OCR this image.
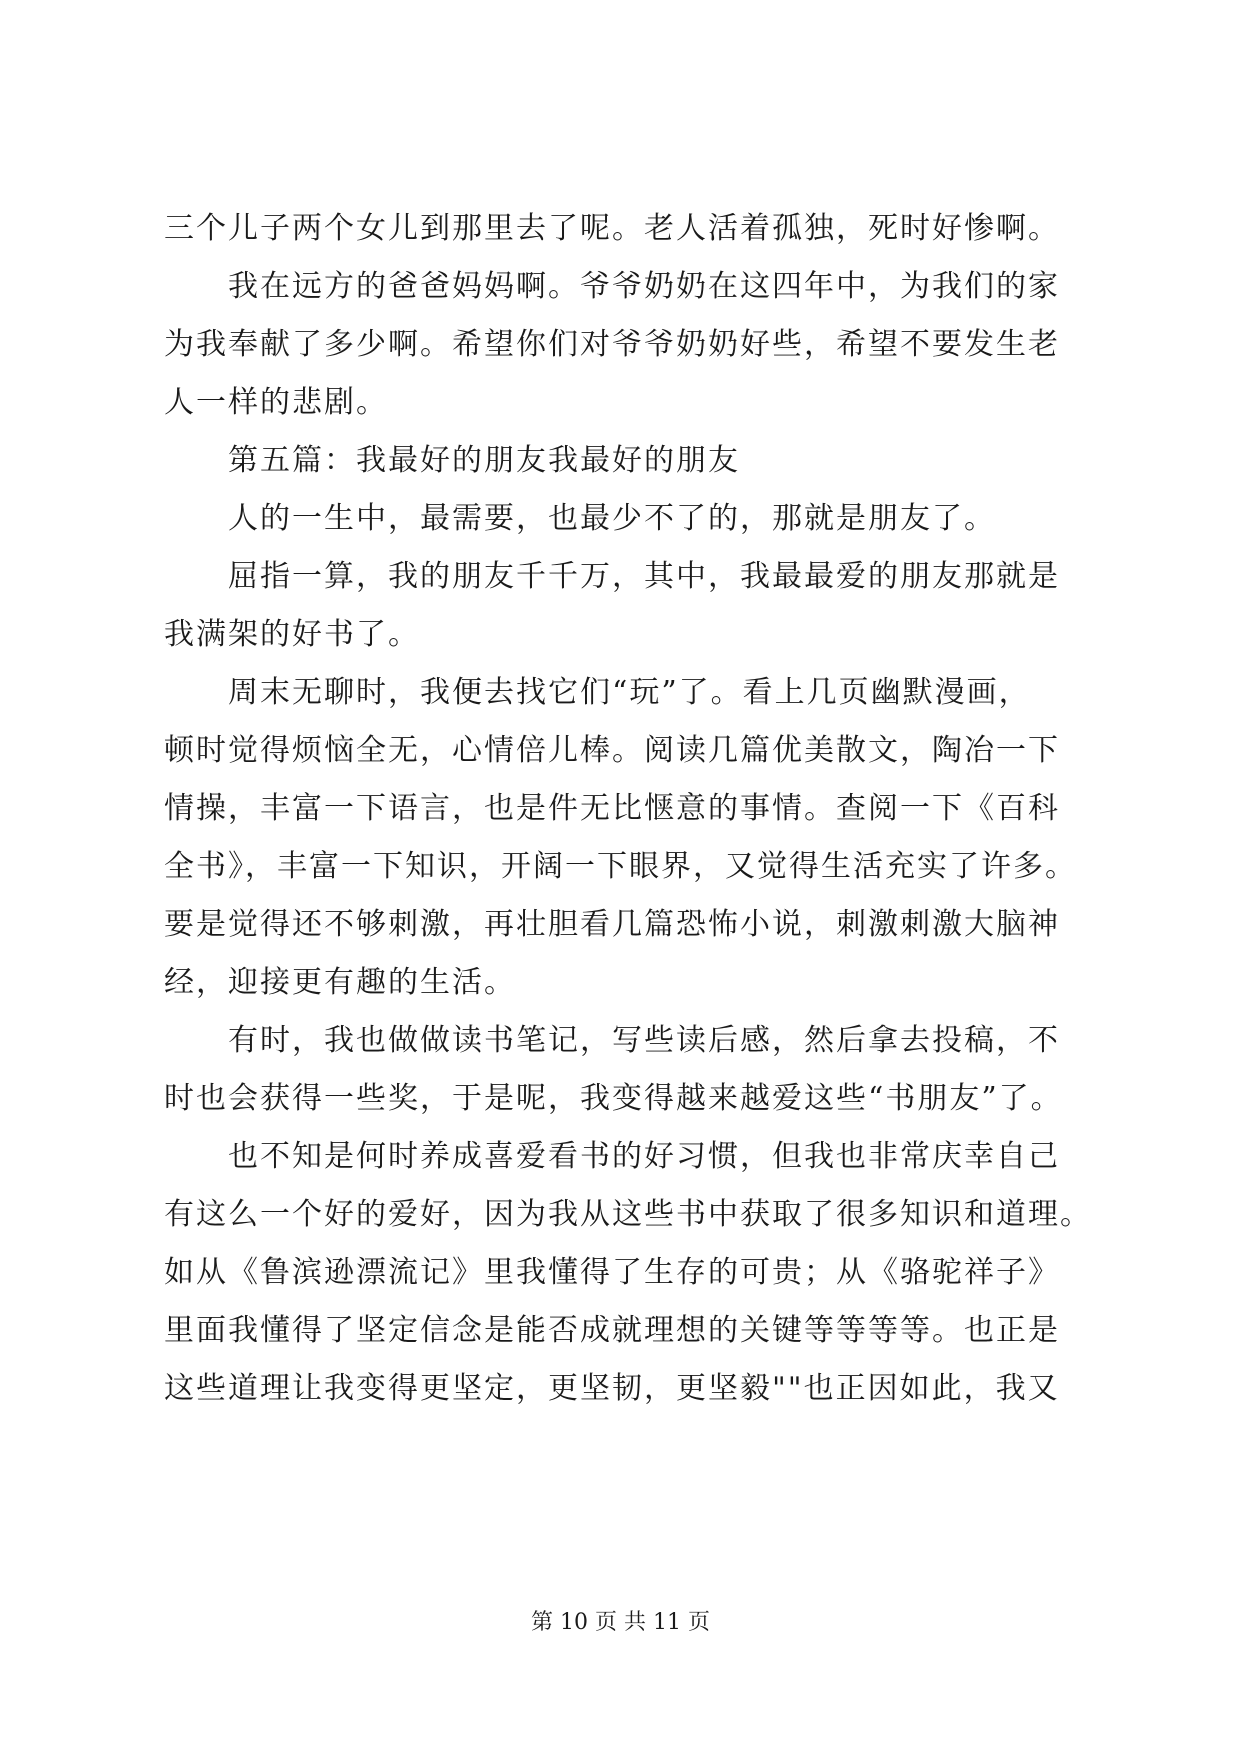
三个儿子两个女儿到那里去了呢。老人活着孤独，死时好惨啊。
我在远方的爸爸妈妈啊。爷爷奶奶在这四年中，为我们的家
为我奉献了多少啊。希望你们对爷爷奶奶好些，希望不要发生老
人一样的悲剧。
第五篇：我最好的朋友我最好的朋友
人的一生中，最需要，也最少不了的，那就是朋友了。
屈指一算，我的朋友千千万，其中，我最最爱的朋友那就是
我满架的好书了。
周末无聊时，我便去找它们“玩”了。看上几页幽默漫画，
顿时觉得烦恼全无，心情倍儿棒。阅读几篇优美散文，陶冶一下
情操，丰富一下语言，也是件无比惬意的事情。查阅一下《百科
全书》，丰富一下知识，开阔一下眼界，又觉得生活充实了许多。
要是觉得还不够刺激，再壮胆看几篇恐怖小说，刺激刺激大脑神
经，迎接更有趣的生活。
有时，我也做做读书笔记，写些读后感，然后拿去投稿，不
时也会获得一些奖，于是呢，我变得越来越爱这些“书朋友”了。
也不知是何时养成喜爱看书的好习惯，但我也非常庆幸自己
有这么一个好的爱好，因为我从这些书中获取了很多知识和道理。
如从《鲁滨逊漂流记》里我懂得了生存的可贵；从《骆驼祥子》
里面我懂得了坚定信念是能否成就理想的关键等等等等。也正是
这些道理让我变得更坚定，更坚韧，更坚毅""也正因如此，我又
第 10 页 共 11 页
